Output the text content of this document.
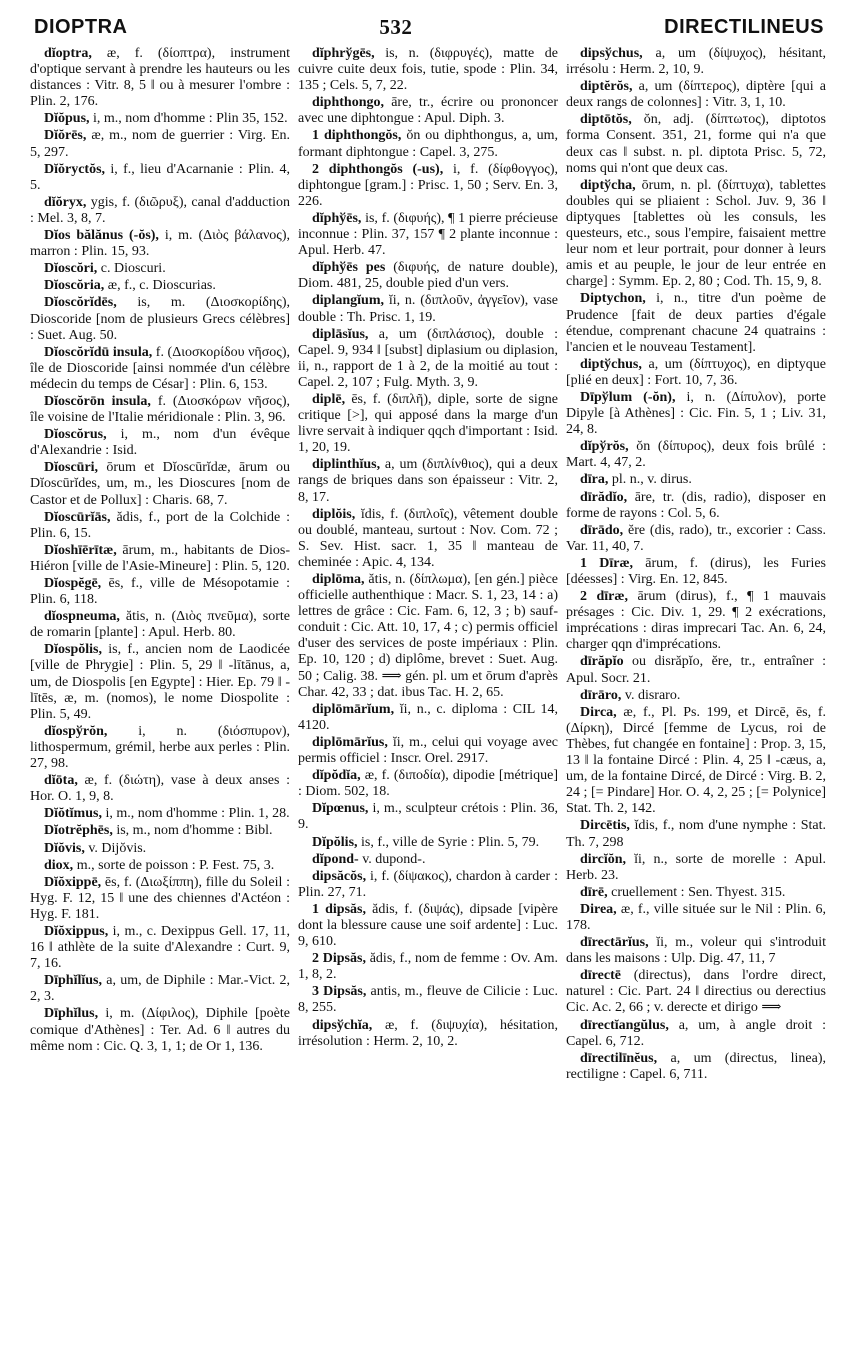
DIOPTRA	532	DIRECTILINEUS

dĭoptra, æ, f. (δίοπτρα), instrument d'optique servant à prendre les hauteurs ou les distances : Vitr. 8, 5 ‖ ou à mesurer l'ombre : Plin. 2, 176.

Dĭŏpus, i, m., nom d'homme : Plin 35, 152.

Dĭŏrēs, æ, m., nom de guerrier : Virg. En. 5, 297.

Dĭŏryctŏs, i, f., lieu d'Acarnanie : Plin. 4, 5.

dĭŏryx, ygis, f. (διῶρυξ), canal d'adduction : Mel. 3, 8, 7.

Dĭos bălănus (-ŏs), i, m. (Διὸς βάλανος), marron : Plin. 15, 93.

Dĭoscŏri, c. Dioscuri.

Dĭoscŏria, æ, f., c. Dioscurias.

Dĭoscŏrĭdēs, is, m. (Διοσκορίδης), Dioscoride [nom de plusieurs Grecs célèbres] : Suet. Aug. 50.

Dĭoscŏrĭdū insula, f. (Διοσκορίδου νῆσος), île de Dioscoride [ainsi nommée d'un célèbre médecin du temps de César] : Plin. 6, 153.

Dĭoscŏrōn insula, f. (Διοσκόρων νῆσος), île voisine de l'Italie méridionale : Plin. 3, 96.

Dĭoscŏrus, i, m., nom d'un évêque d'Alexandrie : Isid.

Dĭoscūri, ōrum et Dĭoscūrĭdæ, ārum ou Dĭoscūrĭdes, um, m., les Dioscures [nom de Castor et de Pollux] : Charis. 68, 7.

Dĭoscūrĭās, ădis, f., port de la Colchide : Plin. 6, 15.

Dĭoshīērītæ, ārum, m., habitants de Dios-Hiéron [ville de l'Asie-Mineure] : Plin. 5, 120.

Dĭospĕgē, ēs, f., ville de Mésopotamie : Plin. 6, 118.

dĭospneuma, ătis, n. (Διὸς πνεῦμα), sorte de romarin [plante] : Apul. Herb. 80.

Dĭospŏlis, is, f., ancien nom de Laodicée [ville de Phrygie] : Plin. 5, 29 ‖ -lītānus, a, um, de Diospolis [en Egypte] : Hier. Ep. 79 ‖ -lītēs, æ, m. (nomos), le nome Diospolite : Plin. 5, 49.

dĭospўrŏn, i, n. (διόσπυρον), lithospermum, grémil, herbe aux perles : Plin. 27, 98.

dĭōta, æ, f. (διώτη), vase à deux anses : Hor. O. 1, 9, 8.

Dĭŏtĭmus, i, m., nom d'homme : Plin. 1, 28.

Dĭotrĕphēs, is, m., nom d'homme : Bibl.

Dĭŏvis, v. Dijŏvis.

diox, m., sorte de poisson : P. Fest. 75, 3.

Dĭŏxippē, ēs, f. (Διωξίππη), fille du Soleil : Hyg. F. 12, 15 ‖ une des chiennes d'Actéon : Hyg. F. 181.

Dĭŏxippus, i, m., c. Dexippus Gell. 17, 11, 16 ‖ athlète de la suite d'Alexandre : Curt. 9, 7, 16.

Dīphĭlĭus, a, um, de Diphile : Mar.-Vict. 2, 2, 3.

Dīphĭlus, i, m. (Δίφιλος), Diphile [poète comique d'Athènes] : Ter. Ad. 6 ‖ autres du même nom : Cic. Q. 3, 1, 1; de Or 1, 136.

dĭphrўgēs, is, n. (διφρυγές), matte de cuivre cuite deux fois, tutie, spode : Plin. 34, 135 ; Cels. 5, 7, 22.

diphthongo, āre, tr., écrire ou prononcer avec une diphtongue : Apul. Diph. 3.

1 diphthongŏs, ŏn ou diphthongus, a, um, formant diphtongue : Capel. 3, 275.

2 diphthongŏs (-us), i, f. (δίφθογγος), diphtongue [gram.] : Prisc. 1, 50 ; Serv. En. 3, 226.

dĭphўēs, is, f. (διφυής), ¶ 1 pierre précieuse inconnue : Plin. 37, 157 ¶ 2 plante inconnue : Apul. Herb. 47.

dĭphўēs pes (διφυής, de nature double), Diom. 481, 25, double pied d'un vers.

diplangĭum, ĭi, n. (διπλοῦν, ἀγγεῖον), vase double : Th. Prisc. 1, 19.

diplāsĭus, a, um (διπλάσιος), double : Capel. 9, 934 ‖ [subst] diplasium ou diplasion, ii, n., rapport de 1 à 2, de la moitié au tout : Capel. 2, 107 ; Fulg. Myth. 3, 9.

diplē, ēs, f. (διπλῆ), diple, sorte de signe critique [>], qui apposé dans la marge d'un livre servait à indiquer qqch d'important : Isid. 1, 20, 19.

diplinthĭus, a, um (διπλίνθιος), qui a deux rangs de briques dans son épaisseur : Vitr. 2, 8, 17.

diplŏis, ĭdis, f. (διπλοΐς), vêtement double ou doublé, manteau, surtout : Nov. Com. 72 ; S. Sev. Hist. sacr. 1, 35 ‖ manteau de cheminée : Apic. 4, 134.

diplōma, ătis, n. (δίπλωμα), [en gén.] pièce officielle authenthique : Macr. S. 1, 23, 14 : a) lettres de grâce : Cic. Fam. 6, 12, 3 ; b) sauf-conduit : Cic. Att. 10, 17, 4 ; c) permis officiel d'user des services de poste impériaux : Plin. Ep. 10, 120 ; d) diplôme, brevet : Suet. Aug. 50 ; Calig. 38. ⟹ gén. pl. um et ōrum d'après Char. 42, 33 ; dat. ibus Tac. H. 2, 65.

diplōmārĭum, ĭi, n., c. diploma : CIL 14, 4120.

diplōmārĭus, ĭi, m., celui qui voyage avec permis officiel : Inscr. Orel. 2917.

dĭpŏdĭa, æ, f. (διποδία), dipodie [métrique] : Diom. 502, 18.

Dĭpœnus, i, m., sculpteur crétois : Plin. 36, 9.

Dĭpŏlis, is, f., ville de Syrie : Plin. 5, 79.

dĭpond- v. dupond-.

dipsăcŏs, i, f. (δίψακος), chardon à carder : Plin. 27, 71.

1 dipsăs, ădis, f. (διψάς), dipsade [vipère dont la blessure cause une soif ardente] : Luc. 9, 610.

2 Dipsăs, ădis, f., nom de femme : Ov. Am. 1, 8, 2.

3 Dipsăs, antis, m., fleuve de Cilicie : Luc. 8, 255.

dipsўchĭa, æ, f. (διψυχία), hésitation, irrésolution : Herm. 2, 10, 2.

dipsўchus, a, um (δίψυχος), hésitant, irrésolu : Herm. 2, 10, 9.

diptĕrŏs, a, um (δίπτερος), diptère [qui a deux rangs de colonnes] : Vitr. 3, 1, 10.

diptōtŏs, ŏn, adj. (δίπτωτος), diptotos forma Consent. 351, 21, forme qui n'a que deux cas ‖ subst. n. pl. diptota Prisc. 5, 72, noms qui n'ont que deux cas.

diptўcha, ōrum, n. pl. (δίπτυχα), tablettes doubles qui se pliaient : Schol. Juv. 9, 36 ‖ diptyques [tablettes où les consuls, les questeurs, etc., sous l'empire, faisaient mettre leur nom et leur portrait, pour donner à leurs amis et au peuple, le jour de leur entrée en charge] : Symm. Ep. 2, 80 ; Cod. Th. 15, 9, 8.

Diptychon, i, n., titre d'un poème de Prudence [fait de deux parties d'égale étendue, comprenant chacune 24 quatrains : l'ancien et le nouveau Testament].

diptўchus, a, um (δίπτυχος), en diptyque [plié en deux] : Fort. 10, 7, 36.

Dīpўlum (-ŏn), i, n. (Δίπυλον), porte Dipyle [à Athènes] : Cic. Fin. 5, 1 ; Liv. 31, 24, 8.

dĭpўrŏs, ŏn (δίπυρος), deux fois brûlé : Mart. 4, 47, 2.

dīra, pl. n., v. dirus.

dīrădĭo, āre, tr. (dis, radio), disposer en forme de rayons : Col. 5, 6.

dīrādo, ĕre (dis, rado), tr., excorier : Cass. Var. 11, 40, 7.

1 Dīræ, ārum, f. (dirus), les Furies [déesses] : Virg. En. 12, 845.

2 dīræ, ārum (dirus), f., ¶ 1 mauvais présages : Cic. Div. 1, 29. ¶ 2 exécrations, imprécations : diras imprecari Tac. An. 6, 24, charger qqn d'imprécations.

dīrăpĭo ou disrăpĭo, ĕre, tr., entraîner : Apul. Socr. 21.

dīrāro, v. disraro.

Dirca, æ, f., Pl. Ps. 199, et Dircē, ēs, f. (Δίρκη), Dircé [femme de Lycus, roi de Thèbes, fut changée en fontaine] : Prop. 3, 15, 13 ‖ la fontaine Dircé : Plin. 4, 25 ‖ -cæus, a, um, de la fontaine Dircé, de Dircé : Virg. B. 2, 24 ; [= Pindare] Hor. O. 4, 2, 25 ; [= Polynice] Stat. Th. 2, 142.

Dircētis, ĭdis, f., nom d'une nymphe : Stat. Th. 7, 298

dircĭŏn, ĭi, n., sorte de morelle : Apul. Herb. 23.

dīrē, cruellement : Sen. Thyest. 315.

Direa, æ, f., ville située sur le Nil : Plin. 6, 178.

dīrectārĭus, ĭi, m., voleur qui s'introduit dans les maisons : Ulp. Dig. 47, 11, 7

dīrectē (directus), dans l'ordre direct, naturel : Cic. Part. 24 ‖ directius ou derectius Cic. Ac. 2, 66 ; v. derecte et dirigo ⟹

dīrectĭangŭlus, a, um, à angle droit : Capel. 6, 712.

dīrectilīnĕus, a, um (directus, linea), rectiligne : Capel. 6, 711.
